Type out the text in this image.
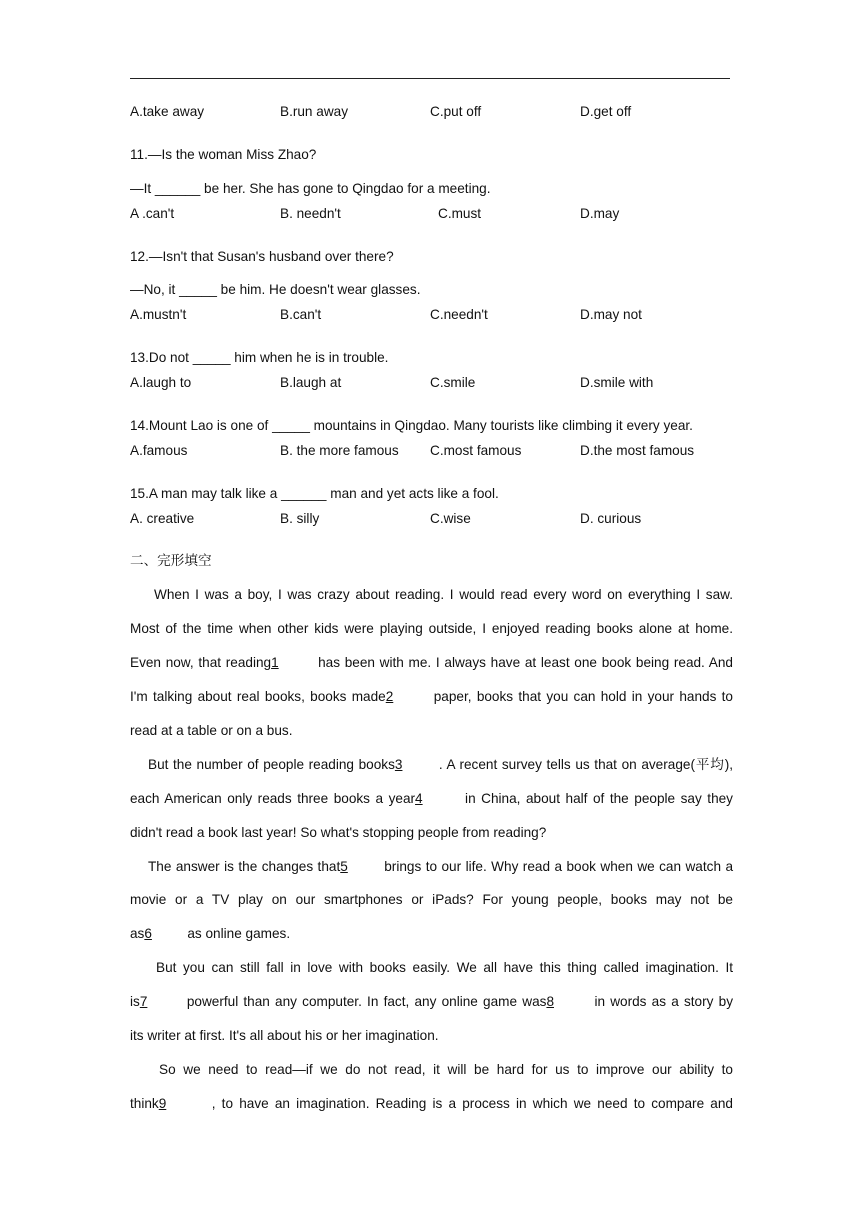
A.take away	B.run away	C.put off	D.get off
11.—Is the woman Miss Zhao?
—It ______ be her. She has gone to Qingdao for a meeting.
A .can't	B. needn't	C.must	D.may
12.—Isn't that Susan's husband over there?
—No, it _____ be him. He doesn't wear glasses.
A.mustn't	B.can't	C.needn't	D.may not
13.Do not _____ him when he is in trouble.
A.laugh to	B.laugh at	C.smile	D.smile with
14.Mount Lao is one of _____ mountains in Qingdao. Many tourists like climbing it every year.
A.famous	B. the more famous C.most famous	D.the most famous
15.A man may talk like a ______ man and yet acts like a fool.
A. creative	B. silly	C.wise	D. curious
二、完形填空
When I was a boy, I was crazy about reading. I would read every word on everything I saw.
Most of the time when other kids were playing outside, I enjoyed reading books alone at home.
Even now, that reading1	has been with me. I always have at least one book being read. And
I'm talking about real books, books made2	paper, books that you can hold in your hands to
read at a table or on a bus.
But the number of people reading books3	. A recent survey tells us that on average(平均),
each American only reads three books a year4	in China, about half of the people say they
didn't read a book last year! So what's stopping people from reading?
The answer is the changes that5	brings to our life. Why read a book when we can watch a
movie or a TV play on our smartphones or iPads? For young people, books may not be
as6	as online games.
But you can still fall in love with books easily. We all have this thing called imagination. It
is7	powerful than any computer. In fact, any online game was8	in words as a story by
its writer at first. It's all about his or her imagination.
So we need to read—if we do not read, it will be hard for us to improve our ability to
think9	, to have an imagination. Reading is a process in which we need to compare and
